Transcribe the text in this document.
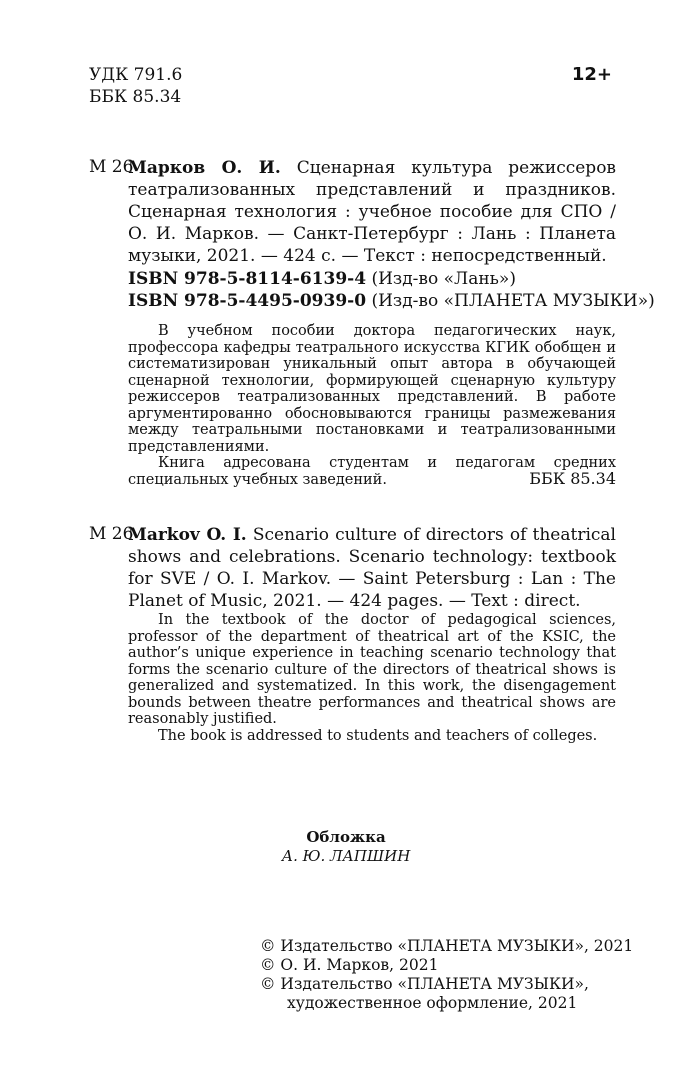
УДК 791.6
ББК 85.34
12+
М 26

Марков О. И. Сценарная культура режиссеров театрализованных представлений и праздников. Сценарная технология : учебное пособие для СПО / О. И. Марков. — Санкт-Петербург : Лань : Планета музыки, 2021. — 424 с. — Текст : непосредственный.

ISBN 978-5-8114-6139-4 (Изд-во «Лань»)
ISBN 978-5-4495-0939-0 (Изд-во «ПЛАНЕТА МУЗЫКИ»)

В учебном пособии доктора педагогических наук, профессора кафедры театрального искусства КГИК обобщен и систематизирован уникальный опыт автора в обучающей сценарной технологии, формирующей сценарную культуру режиссеров театрализованных представлений. В работе аргументированно обосновываются границы размежевания между театральными постановками и театрализованными представлениями.

Книга адресована студентам и педагогам средних специальных учебных заведений.	ББК 85.34
М 26

Markov O. I. Scenario culture of directors of theatrical shows and celebrations. Scenario technology: textbook for SVE / O. I. Markov. — Saint Petersburg : Lan : The Planet of Music, 2021. — 424 pages. — Text : direct.

In the textbook of the doctor of pedagogical sciences, professor of the department of theatrical art of the KSIC, the author’s unique experience in teaching scenario technology that forms the scenario culture of the directors of theatrical shows is generalized and systematized. In this work, the disengagement bounds between theatre performances and theatrical shows are reasonably justified.

The book is addressed to students and teachers of colleges.

Обложка
А. Ю. ЛАПШИН
© Издательство «ПЛАНЕТА МУЗЫКИ», 2021
© О. И. Марков, 2021
© Издательство «ПЛАНЕТА МУЗЫКИ»,
художественное оформление, 2021
